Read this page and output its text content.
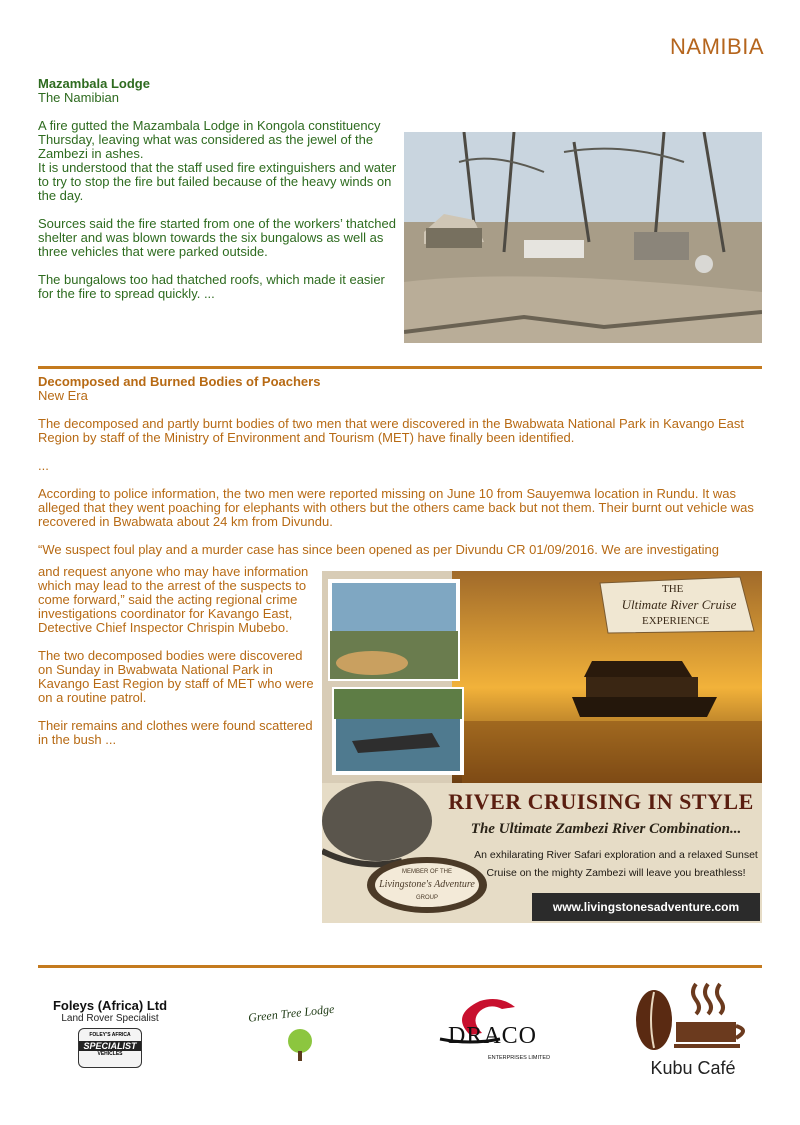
NAMIBIA

Mazambala Lodge

The Namibian

A fire gutted the Mazambala Lodge in Kongola constituency Thursday, leaving what was considered as the jewel of the Zambezi in ashes.

It is understood that the staff used fire extinguishers and water to try to stop the fire but failed because of the heavy winds on the day.

Sources said the fire started from one of the workers’ thatched shelter and was blown towards the six bungalows as well as three vehicles that were parked outside.

The bungalows too had thatched roofs, which made it easier for the fire to spread quickly. ...

Decomposed and Burned Bodies of Poachers

New Era

The decomposed and partly burnt bodies of two men that were discovered in the Bwabwata National Park in Kavango East Region by staff of the Ministry of Environment and Tourism (MET) have finally been identified.

...

According to police information, the two men were reported missing on June 10 from Sauyemwa location in Rundu. It was alleged that they went poaching for elephants with others but the others came back but not them. Their burnt out vehicle was recovered in Bwabwata about 24 km from Divundu.

“We suspect foul play and a murder case has since been opened as per Divundu CR 01/09/2016. We are investigating

and request anyone who may have information which may lead to the arrest of the suspects to come forward,” said the acting regional crime investigations coordinator for Kavango East, Detective Chief Inspector Chrispin Mubebo.

The two decomposed bodies were discovered on Sunday in Bwabwata National Park in Kavango East Region by staff of MET who were on a routine patrol.

Their remains and clothes were found scattered in the bush ...

THE
Ultimate River Cruise
EXPERIENCE
RIVER CRUISING IN STYLE
The Ultimate Zambezi River Combination...
An exhilarating River Safari exploration and a relaxed Sunset
Cruise on the mighty Zambezi will leave you breathless!
MEMBER OF THE
Livingstone's Adventure
GROUP
www.livingstonesadventure.com
Foleys (Africa) Ltd
Land Rover Specialist
FOLEY'S AFRICA
SPECIALIST
VEHICLES
Green Tree Lodge
DRACO
ENTERPRISES LIMITED	Kubu Café
